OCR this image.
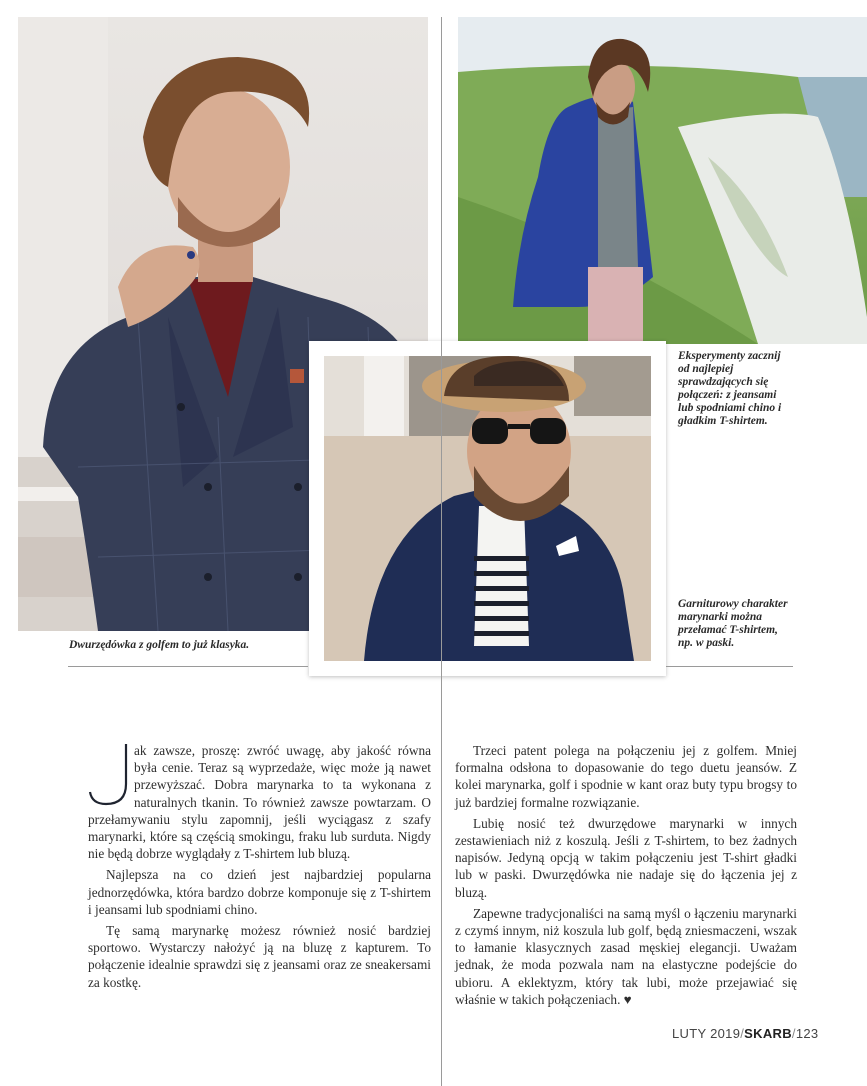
Dwurzędówka z golfem to już klasyka.
Eksperymenty zacznij od najlepiej sprawdzających się połączeń: z jeansami lub spodniami chino i gładkim T-shirtem.
Garniturowy charakter marynarki można przełamać T-shirtem, np. w paski.

ak zawsze, proszę: zwróć uwagę, aby jakość równa była cenie. Teraz są wyprzedaże, więc może ją nawet przewyższać. Dobra marynarka to ta wykonana z naturalnych tkanin. To również zawsze powtarzam. O przełamywaniu stylu zapomnij, jeśli wyciągasz z szafy marynarki, które są częścią smokingu, fraku lub surduta. Nigdy nie będą dobrze wyglądały z T-shirtem lub bluzą.

Najlepsza na co dzień jest najbardziej popularna jednorzędówka, która bardzo dobrze komponuje się z T-shirtem i jeansami lub spodniami chino.

Tę samą marynarkę możesz również nosić bardziej sportowo. Wystarczy nałożyć ją na bluzę z kapturem. To połączenie idealnie sprawdzi się z jeansami oraz ze sneakersami za kostkę.

Trzeci patent polega na połączeniu jej z golfem. Mniej formalna odsłona to dopasowanie do tego duetu jeansów. Z kolei marynarka, golf i spodnie w kant oraz buty typu brogsy to już bardziej formalne rozwiązanie.

Lubię nosić też dwurzędowe marynarki w innych zestawieniach niż z koszulą. Jeśli z T-shirtem, to bez żadnych napisów. Jedyną opcją w takim połączeniu jest T-shirt gładki lub w paski. Dwurzędówka nie nadaje się do łączenia jej z bluzą.

Zapewne tradycjonaliści na samą myśl o łączeniu marynarki z czymś innym, niż koszula lub golf, będą zniesmaczeni, wszak to łamanie klasycznych zasad męskiej elegancji. Uważam jednak, że moda pozwala nam na elastyczne podejście do ubioru. A eklektyzm, który tak lubi, może przejawiać się właśnie w takich połączeniach. ♥

LUTY 2019/SKARB/123
